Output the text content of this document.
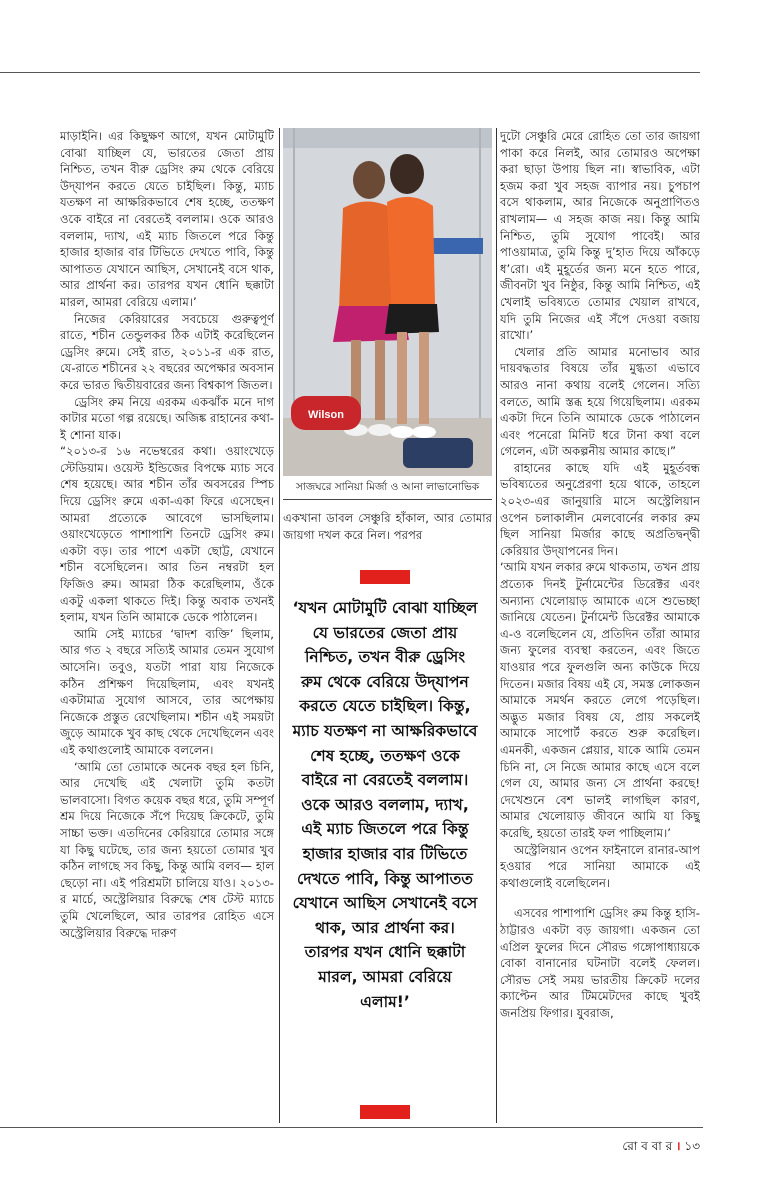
মাড়াইনি। এর কিছুক্ষণ আগে, যখন মোটামুটি বোঝা যাচ্ছিল যে, ভারতের জেতা প্রায় নিশ্চিত, তখন বীরু ড্রেসিং রুম থেকে বেরিয়ে উদ্‌যাপন করতে যেতে চাইছিল। কিন্তু, ম্যাচ যতক্ষণ না আক্ষরিকভাবে শেষ হচ্ছে, ততক্ষণ ওকে বাইরে না বেরতেই বললাম। ওকে আরও বললাম, দ্যাখ, এই ম্যাচ জিতলে পরে কিন্তু হাজার হাজার বার টিভিতে দেখতে পাবি, কিন্তু আপাতত যেখানে আছিস, সেখানেই বসে থাক, আর প্রার্থনা কর। তারপর যখন ধোনি ছক্কাটা মারল, আমরা বেরিয়ে এলাম।’

নিজের কেরিয়ারের সবচেয়ে গুরুত্বপূর্ণ রাতে, শচীন তেন্ডুলকর ঠিক এটাই করেছিলেন ড্রেসিং রুমে। সেই রাত, ২০১১-র এক রাত, যে-রাতে শচীনের ২২ বছরের অপেক্ষার অবসান করে ভারত দ্বিতীয়বারের জন্য বিশ্বকাপ জিতল।

ড্রেসিং রুম নিয়ে এরকম একঝাঁক মনে দাগ কাটার মতো গল্প রয়েছে। অজিঙ্ক রাহানের কথা-ই শোনা যাক।

“২০১৩-র ১৬ নভেম্বরের কথা। ওয়াংখেড়ে স্টেডিয়াম। ওয়েস্ট ইন্ডিজের বিপক্ষে ম্যাচ সবে শেষ হয়েছে। আর শচীন তাঁর অবসরের স্পিচ দিয়ে ড্রেসিং রুমে একা-একা ফিরে এসেছেন। আমরা প্রত্যেকে আবেগে ভাসছিলাম। ওয়াংখেড়েতে পাশাপাশি তিনটে ড্রেসিং রুম। একটা বড়। তার পাশে একটা ছোট্ট, যেখানে শচীন বসেছিলেন। আর তিন নম্বরটা হল ফিজিও রুম। আমরা ঠিক করেছিলাম, ওঁকে একটু একলা থাকতে দিই। কিন্তু অবাক তখনই হলাম, যখন তিনি আমাকে ডেকে পাঠালেন।

আমি সেই ম্যাচের ‘দ্বাদশ ব্যক্তি’ ছিলাম, আর গত ২ বছরে সত্যিই আমার তেমন সুযোগ আসেনি। তবুও, যতটা পারা যায় নিজেকে কঠিন প্রশিক্ষণ দিয়েছিলাম, এবং যখনই একটামাত্র সুযোগ আসবে, তার অপেক্ষায় নিজেকে প্রস্তুত রেখেছিলাম। শচীন এই সময়টা জুড়ে আমাকে খুব কাছ থেকে দেখেছিলেন এবং এই কথাগুলোই আমাকে বললেন।

‘আমি তো তোমাকে অনেক বছর হল চিনি, আর দেখেছি এই খেলাটা তুমি কতটা ভালবাসো। বিগত কয়েক বছর ধরে, তুমি সম্পূর্ণ শ্রম দিয়ে নিজেকে সঁপে দিয়েছ ক্রিকেটে, তুমি সাচ্চা ভক্ত। এতদিনের কেরিয়ারে তোমার সঙ্গে যা কিছু ঘটেছে, তার জন্য হয়তো তোমার খুব কঠিন লাগছে সব কিছু, কিন্তু আমি বলব— হাল ছেড়ো না। এই পরিশ্রমটা চালিয়ে যাও। ২০১৩-র মার্চে, অস্ট্রেলিয়ার বিরুদ্ধে শেষ টেস্ট ম্যাচে তুমি খেলেছিলে, আর তারপর রোহিত এসে অস্ট্রেলিয়ার বিরুদ্ধে দারুণ

Wilson
সাজঘরে সানিয়া মির্জা ও আনা লাভানোভিক

একখানা ডাবল সেঞ্চুরি হাঁকাল, আর তোমার জায়গা দখল করে নিল। পরপর

‘যখন মোটামুটি বোঝা যাচ্ছিল যে ভারতের জেতা প্রায় নিশ্চিত, তখন বীরু ড্রেসিং রুম থেকে বেরিয়ে উদ্‌যাপন করতে যেতে চাইছিল। কিন্তু, ম্যাচ যতক্ষণ না আক্ষরিকভাবে শেষ হচ্ছে, ততক্ষণ ওকে বাইরে না বেরতেই বললাম। ওকে আরও বললাম, দ্যাখ, এই ম্যাচ জিতলে পরে কিন্তু হাজার হাজার বার টিভিতে দেখতে পাবি, কিন্তু আপাতত যেখানে আছিস সেখানেই বসে থাক, আর প্রার্থনা কর। তারপর যখন ধোনি ছক্কাটা মারল, আমরা বেরিয়ে এলাম!’

দুটো সেঞ্চুরি মেরে রোহিত তো তার জায়গা পাকা করে নিলই, আর তোমারও অপেক্ষা করা ছাড়া উপায় ছিল না। স্বাভাবিক, এটা হজম করা খুব সহজ ব্যাপার নয়। চুপচাপ বসে থাকলাম, আর নিজেকে অনুপ্রাণিতও রাখলাম— এ সহজ কাজ নয়। কিন্তু আমি নিশ্চিত, তুমি সুযোগ পাবেই। আর পাওয়ামাত্র, তুমি কিন্তু দু’হাত দিয়ে আঁকড়ে ধ’রো। এই মুহূর্তের জন্য মনে হতে পারে, জীবনটা খুব নিষ্ঠুর, কিন্তু আমি নিশ্চিত, এই খেলাই ভবিষ্যতে তোমার খেয়াল রাখবে, যদি তুমি নিজের এই সঁপে দেওয়া বজায় রাখো।’

খেলার প্রতি আমার মনোভাব আর দায়বদ্ধতার বিষয়ে তাঁর মুগ্ধতা এভাবে আরও নানা কথায় বলেই গেলেন। সত্যি বলতে, আমি স্তব্ধ হয়ে গিয়েছিলাম। এরকম একটা দিনে তিনি আমাকে ডেকে পাঠালেন এবং পনেরো মিনিট ধরে টানা কথা বলে গেলেন, এটা অকল্পনীয় আমার কাছে।”

রাহানের কাছে যদি এই মুহূর্তবন্ধ ভবিষ্যতের অনুপ্রেরণা হয়ে থাকে, তাহলে ২০২৩-এর জানুয়ারি মাসে অস্ট্রেলিয়ান ওপেন চলাকালীন মেলবোর্নের লকার রুম ছিল সানিয়া মির্জার কাছে অপ্রতিদ্বন্দ্বী কেরিয়ার উদ্‌যাপনের দিন।

‘আমি যখন লকার রুমে থাকতাম, তখন প্রায় প্রত্যেক দিনই টুর্নামেন্টের ডিরেক্টর এবং অন্যান্য খেলোয়াড় আমাকে এসে শুভেচ্ছা জানিয়ে যেতেন। টুর্নামেন্ট ডিরেক্টর আমাকে এ-ও বলেছিলেন যে, প্রতিদিন তাঁরা আমার জন্য ফুলের ব্যবস্থা করতেন, এবং জিতে যাওয়ার পরে ফুলগুলি অন্য কাউকে দিয়ে দিতেন। মজার বিষয় এই যে, সমস্ত লোকজন আমাকে সমর্থন করতে লেগে পড়েছিল। অদ্ভুত মজার বিষয় যে, প্রায় সকলেই আমাকে সাপোর্ট করতে শুরু করেছিল। এমনকী, একজন প্লেয়ার, যাকে আমি তেমন চিনি না, সে নিজে আমার কাছে এসে বলে গেল যে, আমার জন্য সে প্রার্থনা করছে! দেখেশুনে বেশ ভালই লাগছিল কারণ, আমার খেলোয়াড় জীবনে আমি যা কিছু করেছি, হয়তো তারই ফল পাচ্ছিলাম।’

অস্ট্রেলিয়ান ওপেন ফাইনালে রানার-আপ হওয়ার পরে সানিয়া আমাকে এই কথাগুলোই বলেছিলেন।

এসবের পাশাপাশি ড্রেসিং রুম কিন্তু হাসি-ঠাট্টারও একটা বড় জায়গা। একজন তো এপ্রিল ফুলের দিনে সৌরভ গঙ্গোপাধ্যায়কে বোকা বানানোর ঘটনাটা বলেই ফেলল। সৌরভ সেই সময় ভারতীয় ক্রিকেট দলের ক্যাপ্টেন আর টিমমেটদের কাছে খুবই জনপ্রিয় ফিগার। যুবরাজ,

রো ব বা র । ১৩
